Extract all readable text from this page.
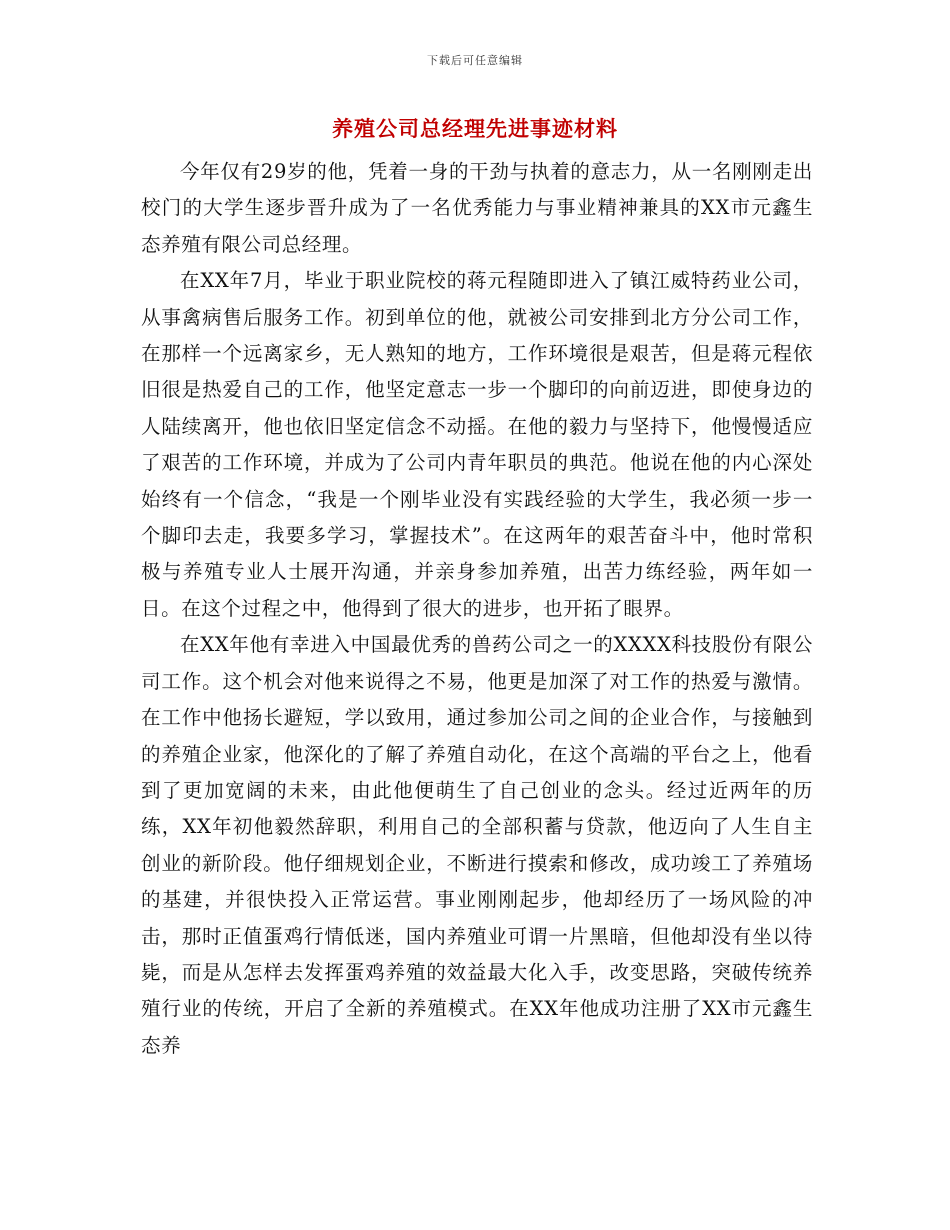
下载后可任意编辑
养殖公司总经理先进事迹材料

今年仅有29岁的他，凭着一身的干劲与执着的意志力，从一名刚刚走出校门的大学生逐步晋升成为了一名优秀能力与事业精神兼具的XX市元鑫生态养殖有限公司总经理。

在XX年7月，毕业于职业院校的蒋元程随即进入了镇江威特药业公司，从事禽病售后服务工作。初到单位的他，就被公司安排到北方分公司工作，在那样一个远离家乡，无人熟知的地方，工作环境很是艰苦，但是蒋元程依旧很是热爱自己的工作，他坚定意志一步一个脚印的向前迈进，即使身边的人陆续离开，他也依旧坚定信念不动摇。在他的毅力与坚持下，他慢慢适应了艰苦的工作环境，并成为了公司内青年职员的典范。他说在他的内心深处始终有一个信念，“我是一个刚毕业没有实践经验的大学生，我必须一步一个脚印去走，我要多学习，掌握技术”。在这两年的艰苦奋斗中，他时常积极与养殖专业人士展开沟通，并亲身参加养殖，出苦力练经验，两年如一日。在这个过程之中，他得到了很大的进步，也开拓了眼界。

在XX年他有幸进入中国最优秀的兽药公司之一的XXXX科技股份有限公司工作。这个机会对他来说得之不易，他更是加深了对工作的热爱与激情。在工作中他扬长避短，学以致用，通过参加公司之间的企业合作，与接触到的养殖企业家，他深化的了解了养殖自动化，在这个高端的平台之上，他看到了更加宽阔的未来，由此他便萌生了自己创业的念头。经过近两年的历练，XX年初他毅然辞职，利用自己的全部积蓄与贷款，他迈向了人生自主创业的新阶段。他仔细规划企业，不断进行摸索和修改，成功竣工了养殖场的基建，并很快投入正常运营。事业刚刚起步，他却经历了一场风险的冲击，那时正值蛋鸡行情低迷，国内养殖业可谓一片黑暗，但他却没有坐以待毙，而是从怎样去发挥蛋鸡养殖的效益最大化入手，改变思路，突破传统养殖行业的传统，开启了全新的养殖模式。在XX年他成功注册了XX市元鑫生态养
